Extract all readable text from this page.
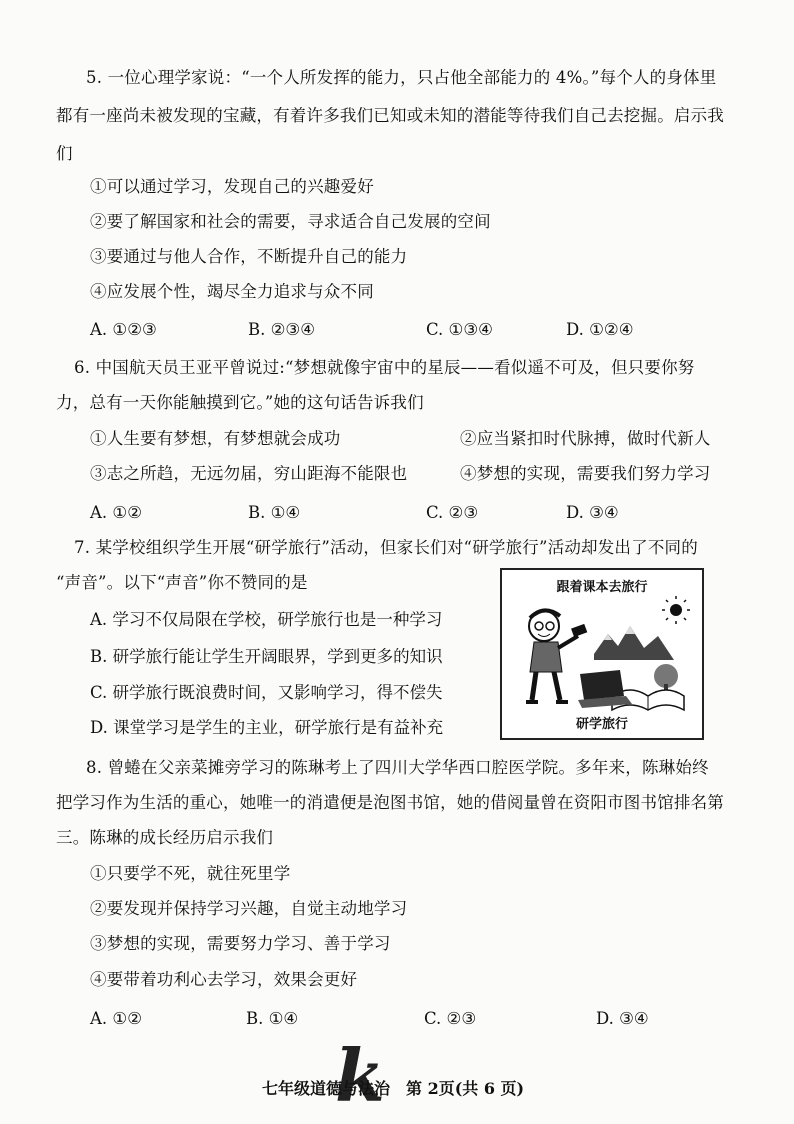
5. 一位心理学家说：“一个人所发挥的能力，只占他全部能力的 4%。”每个人的身体里
都有一座尚未被发现的宝藏，有着许多我们已知或未知的潜能等待我们自己去挖掘。启示我
们
①可以通过学习，发现自己的兴趣爱好
②要了解国家和社会的需要，寻求适合自己发展的空间
③要通过与他人合作，不断提升自己的能力
④应发展个性，竭尽全力追求与众不同
A. ①②③	B. ②③④	C. ①③④	D. ①②④
6. 中国航天员王亚平曾说过:“梦想就像宇宙中的星辰——看似遥不可及，但只要你努
力，总有一天你能触摸到它。”她的这句话告诉我们
①人生要有梦想，有梦想就会成功	②应当紧扣时代脉搏，做时代新人
③志之所趋，无远勿届，穷山距海不能限也	④梦想的实现，需要我们努力学习
A. ①②	B. ①④	C. ②③	D. ③④
7. 某学校组织学生开展“研学旅行”活动，但家长们对“研学旅行”活动却发出了不同的
“声音”。以下“声音”你不赞同的是
A. 学习不仅局限在学校，研学旅行也是一种学习
B. 研学旅行能让学生开阔眼界，学到更多的知识
C. 研学旅行既浪费时间，又影响学习，得不偿失
D. 课堂学习是学生的主业，研学旅行是有益补充
跟着课本去旅行
研学旅行
8. 曾蜷在父亲菜摊旁学习的陈琳考上了四川大学华西口腔医学院。多年来，陈琳始终
把学习作为生活的重心，她唯一的消遣便是泡图书馆，她的借阅量曾在资阳市图书馆排名第
三。陈琳的成长经历启示我们
①只要学不死，就往死里学
②要发现并保持学习兴趣，自觉主动地学习
③梦想的实现，需要努力学习、善于学习
④要带着功利心去学习，效果会更好
A. ①②	B. ①④	C. ②③	D. ③④
k
七年级道德与法治　第 2页(共 6 页)
